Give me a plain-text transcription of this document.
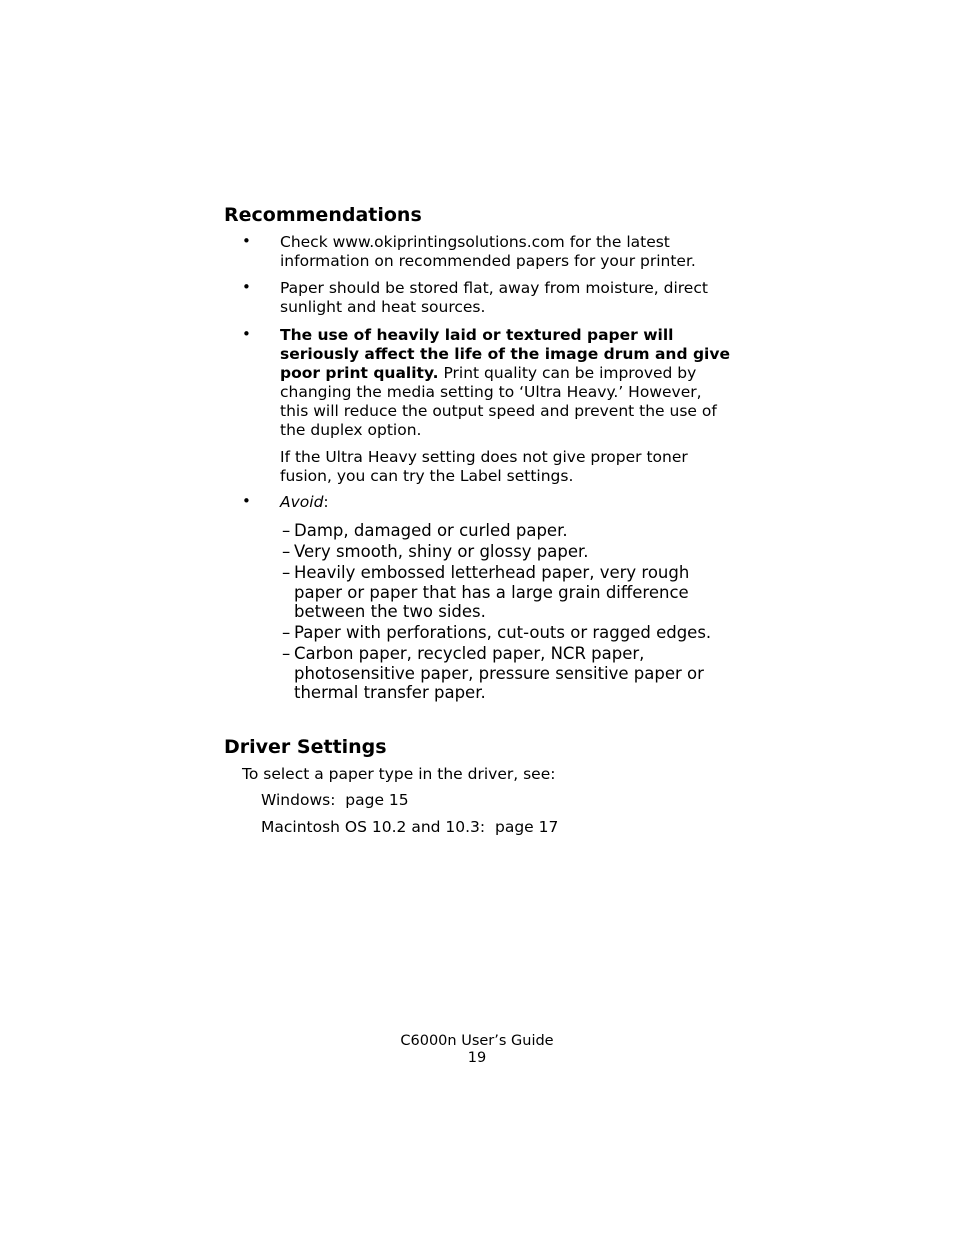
Recommendations
• Check www.okiprintingsolutions.com for the latest information on recommended papers for your printer.
• Paper should be stored flat, away from moisture, direct sunlight and heat sources.
• The use of heavily laid or textured paper will seriously affect the life of the image drum and give poor print quality. Print quality can be improved by changing the media setting to ‘Ultra Heavy.’ However, this will reduce the output speed and prevent the use of the duplex option.
If the Ultra Heavy setting does not give proper toner fusion, you can try the Label settings.
• Avoid:
– Damp, damaged or curled paper.
– Very smooth, shiny or glossy paper.
– Heavily embossed letterhead paper, very rough paper or paper that has a large grain difference between the two sides.
– Paper with perforations, cut-outs or ragged edges.
– Carbon paper, recycled paper, NCR paper, photosensitive paper, pressure sensitive paper or thermal transfer paper.
Driver Settings
To select a paper type in the driver, see:
Windows:  page 15
Macintosh OS 10.2 and 10.3:  page 17
C6000n User’s Guide
19
